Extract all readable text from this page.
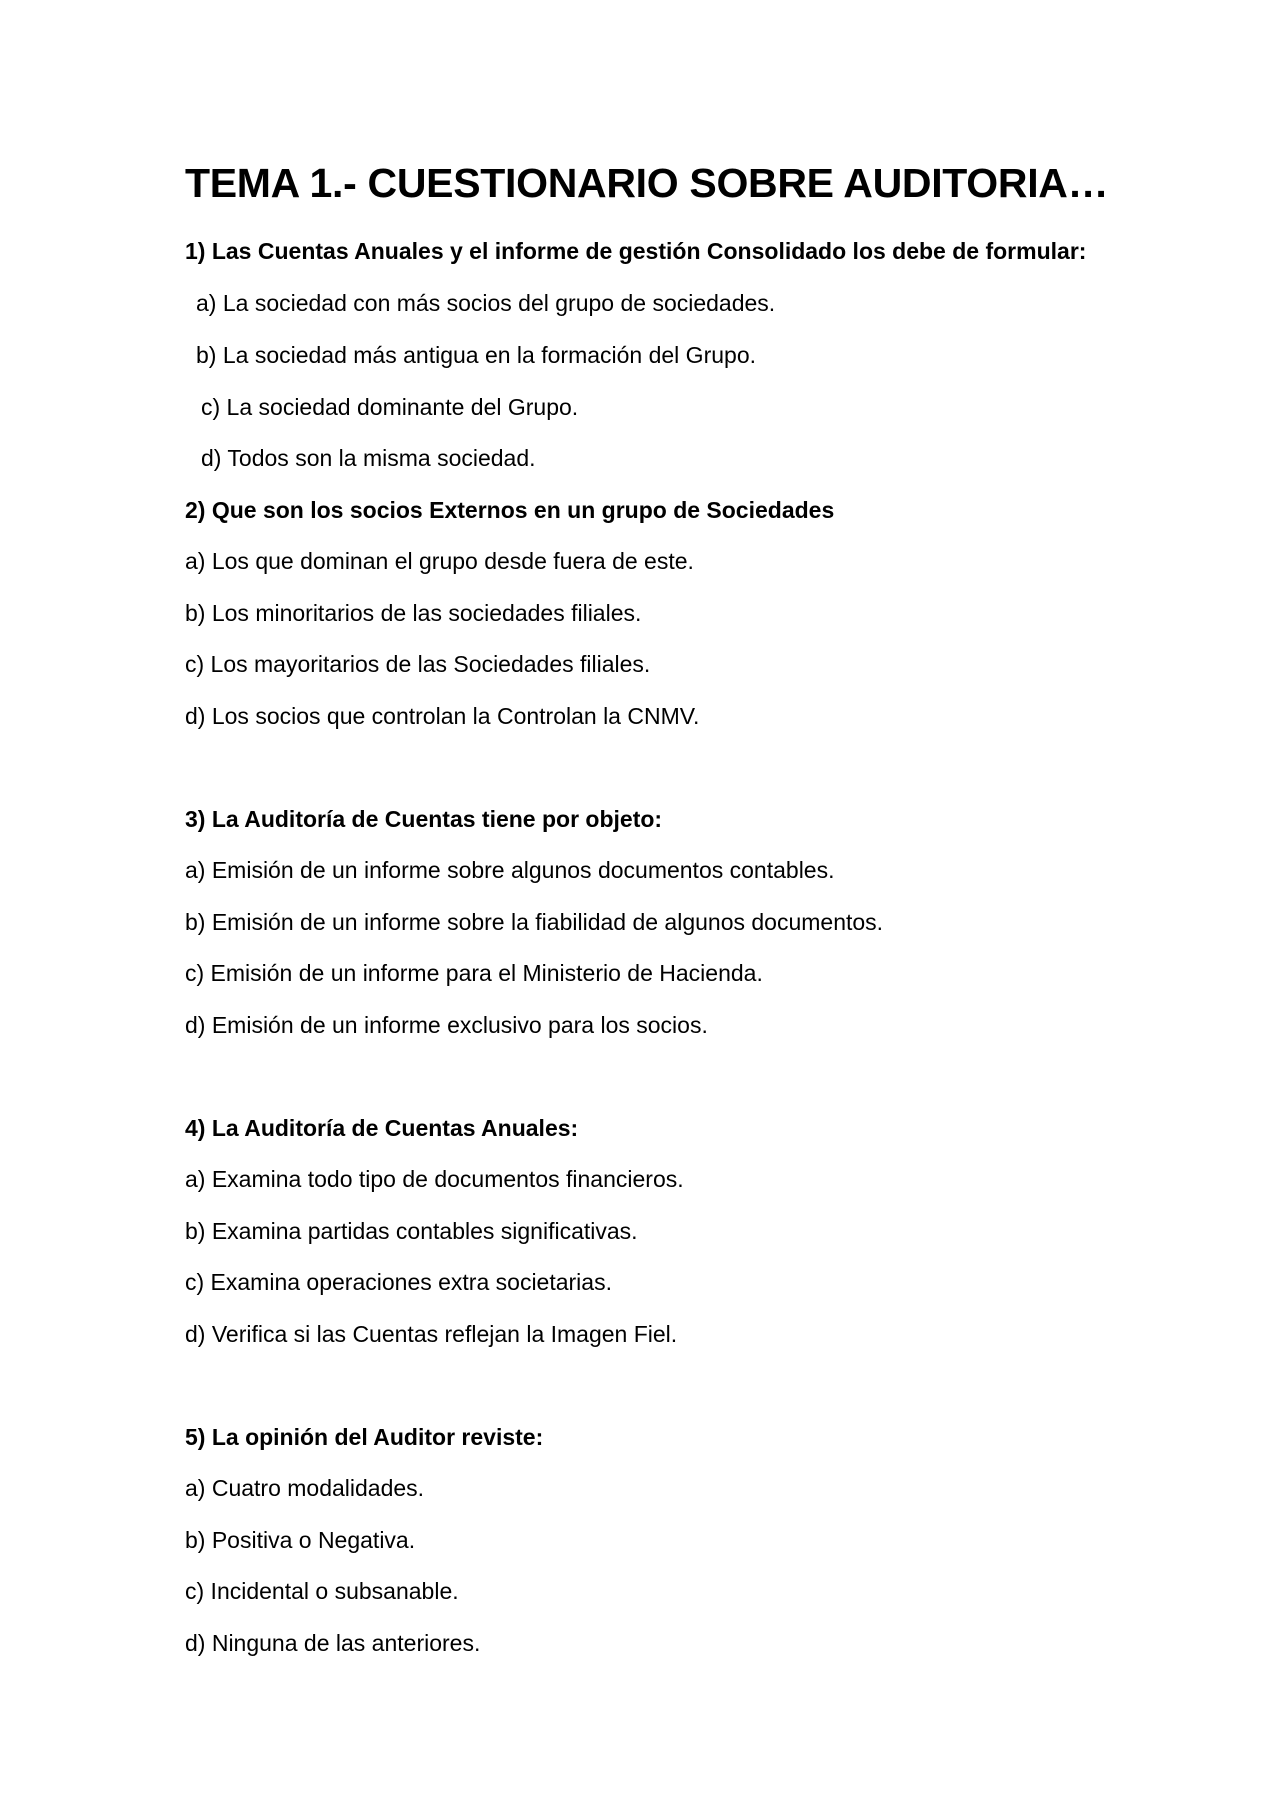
TEMA 1.- CUESTIONARIO SOBRE AUDITORIA…
1) Las Cuentas Anuales y el informe de gestión Consolidado los debe de formular:
a) La sociedad con más socios del grupo de sociedades.
b) La sociedad más antigua en la formación del Grupo.
c) La sociedad dominante del Grupo.
d) Todos son la misma sociedad.
2) Que son los socios Externos en un grupo de Sociedades
a) Los que dominan el grupo desde fuera de este.
b) Los minoritarios de las sociedades filiales.
c) Los mayoritarios de las Sociedades filiales.
d) Los socios que controlan la Controlan la CNMV.
3) La Auditoría de Cuentas tiene por objeto:
a) Emisión de un informe sobre algunos documentos contables.
b) Emisión de un informe sobre la fiabilidad de algunos documentos.
c) Emisión de un informe para el Ministerio de Hacienda.
d) Emisión de un informe exclusivo para los socios.
4) La Auditoría de Cuentas Anuales:
a) Examina todo tipo de documentos financieros.
b) Examina partidas contables significativas.
c) Examina operaciones extra societarias.
d) Verifica si las Cuentas reflejan la Imagen Fiel.
5) La opinión del Auditor reviste:
a) Cuatro modalidades.
b) Positiva o Negativa.
c) Incidental o subsanable.
d) Ninguna de las anteriores.
